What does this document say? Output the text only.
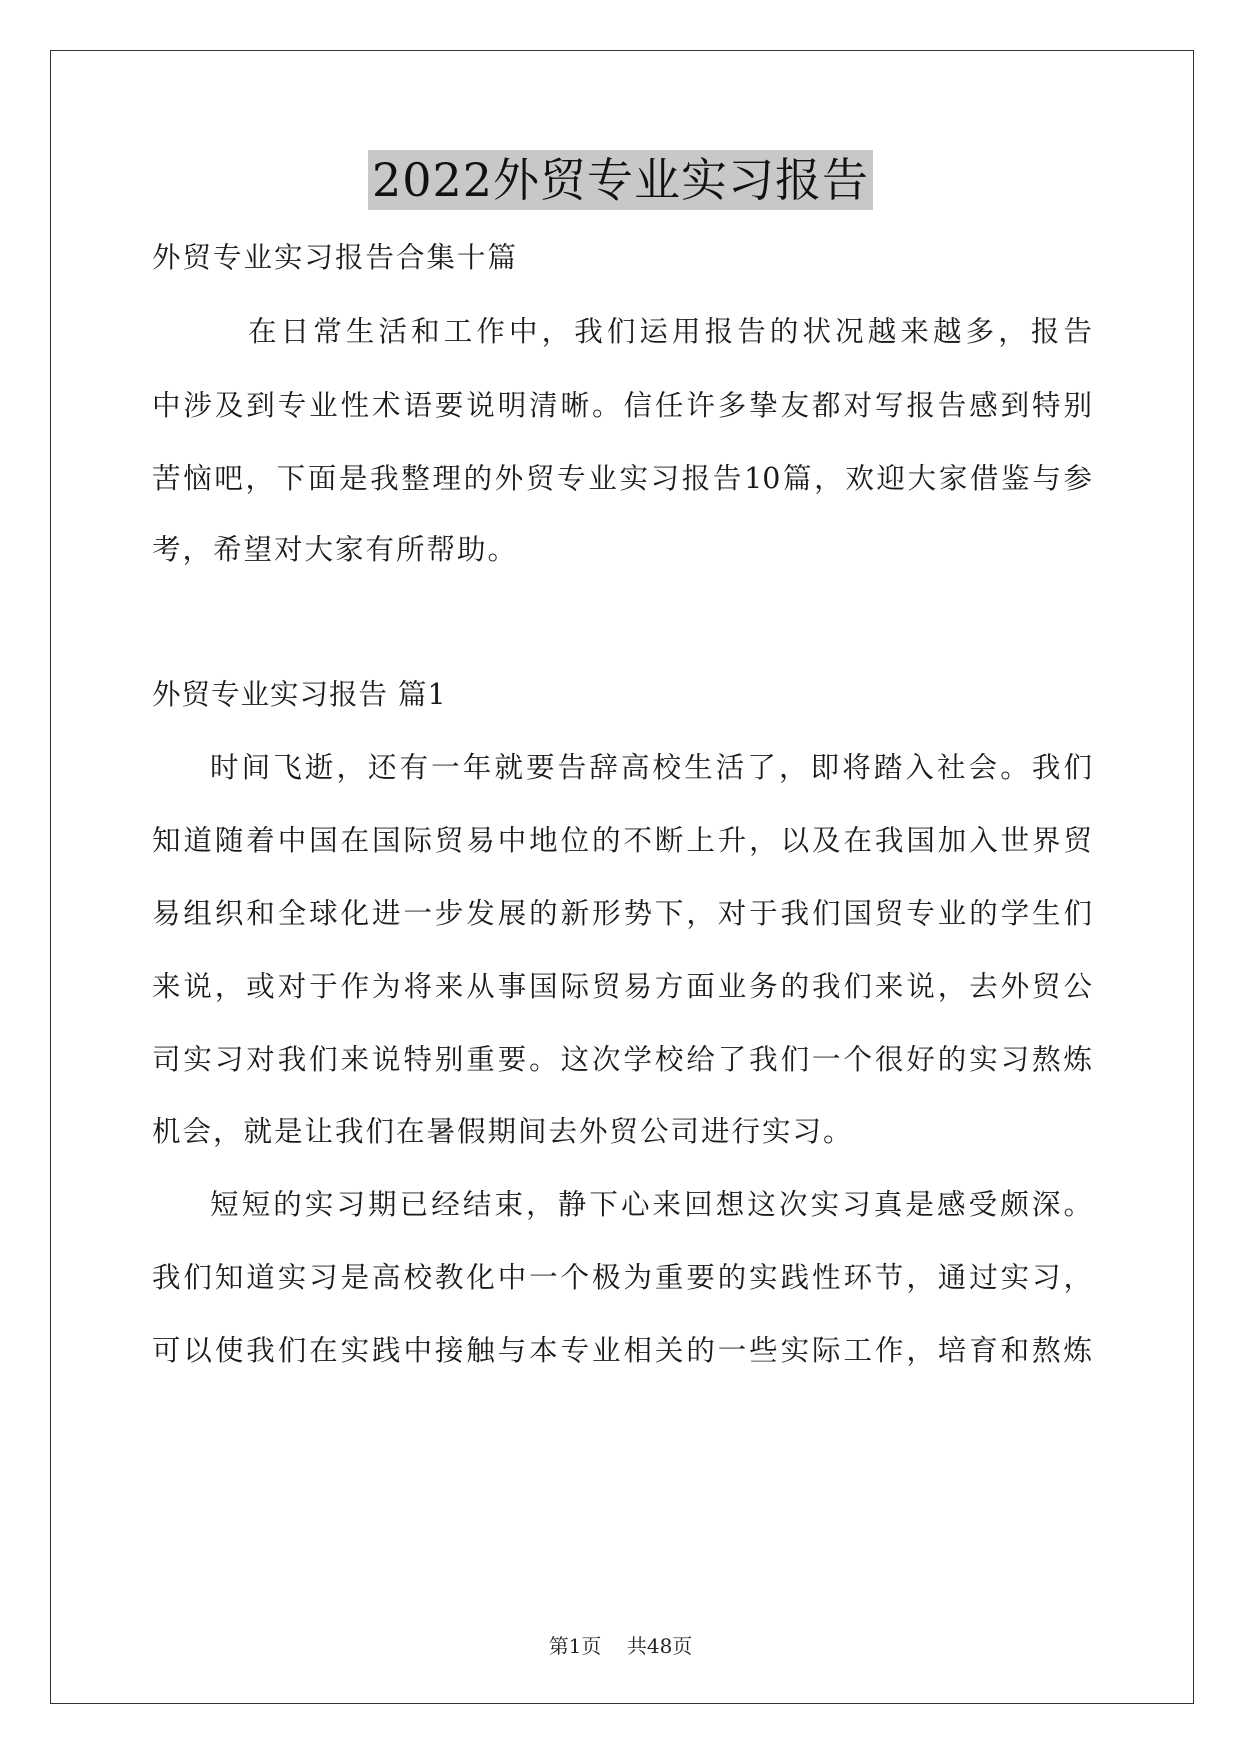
2022外贸专业实习报告
外贸专业实习报告合集十篇
在日常生活和工作中，我们运用报告的状况越来越多，报告
中涉及到专业性术语要说明清晰。信任许多挚友都对写报告感到特别
苦恼吧，下面是我整理的外贸专业实习报告10篇，欢迎大家借鉴与参
考，希望对大家有所帮助。
外贸专业实习报告 篇1
时间飞逝，还有一年就要告辞高校生活了，即将踏入社会。我们
知道随着中国在国际贸易中地位的不断上升，以及在我国加入世界贸
易组织和全球化进一步发展的新形势下，对于我们国贸专业的学生们
来说，或对于作为将来从事国际贸易方面业务的我们来说，去外贸公
司实习对我们来说特别重要。这次学校给了我们一个很好的实习熬炼
机会，就是让我们在暑假期间去外贸公司进行实习。
短短的实习期已经结束，静下心来回想这次实习真是感受颇深。
我们知道实习是高校教化中一个极为重要的实践性环节，通过实习，
可以使我们在实践中接触与本专业相关的一些实际工作，培育和熬炼
第1页    共48页
